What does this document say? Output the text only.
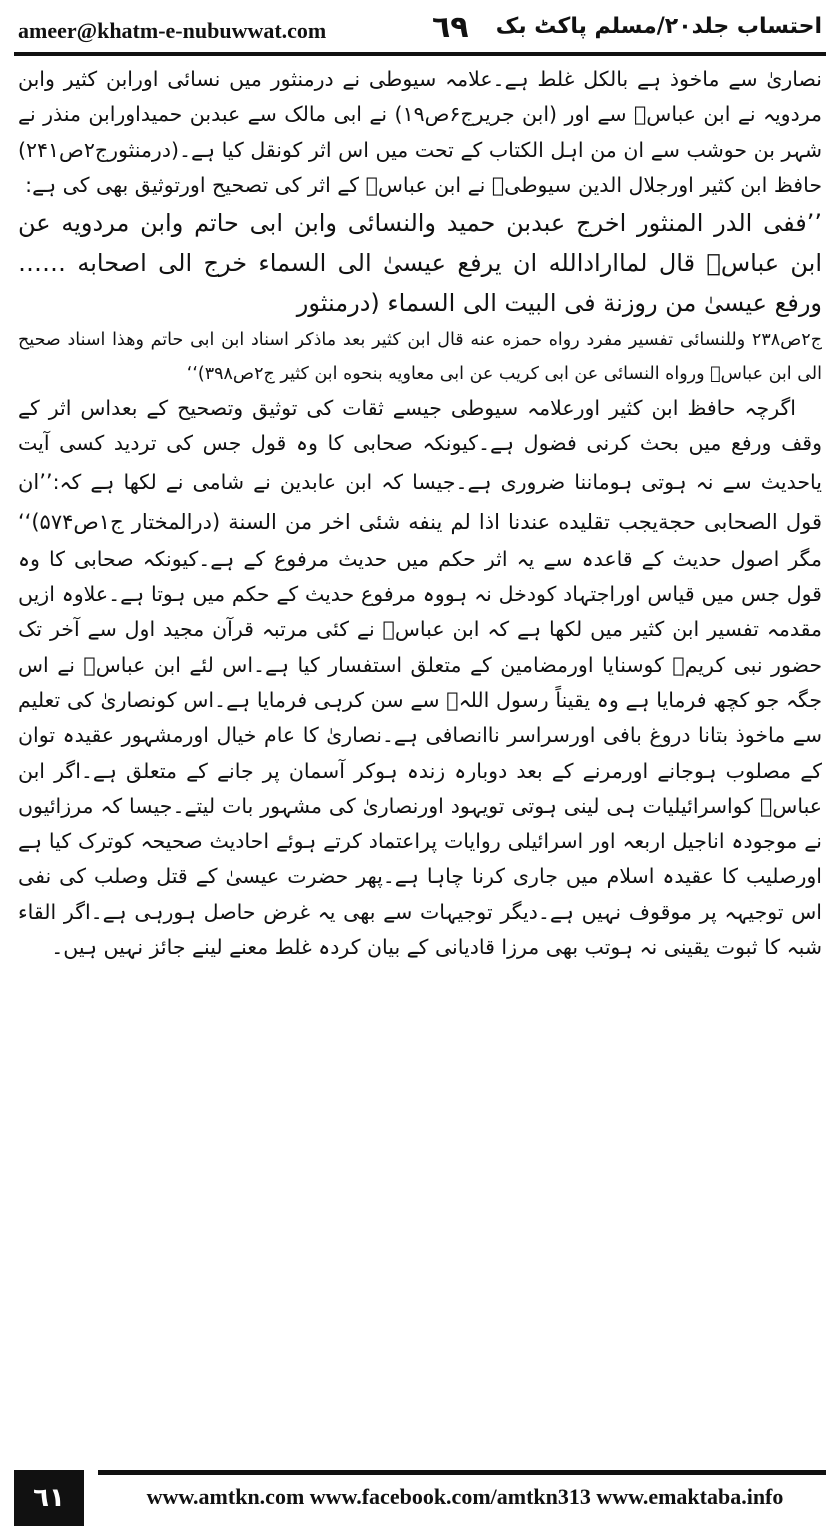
ameer@khatm-e-nubuwwat.com	٦٩ احتساب جلد۲۰/مسلم پاکٹ بک

نصاریٰ سے ماخوذ ہے بالکل غلط ہے۔علامہ سیوطی نے درمنثور میں نسائی اورابن کثیر وابن مردویہ نے ابن عباسؓ سے اور (ابن جریرج۶ص۱۹) نے ابی مالک سے عبدبن حمیداورابن منذر نے شہر بن حوشب سے ان من اہل الکتاب کے تحت میں اس اثر کونقل کیا ہے۔(درمنثورج۲ص۲۴۱) حافظ ابن کثیر اورجلال الدین سیوطیؒ نے ابن عباسؓ کے اثر کی تصحیح اورتوثیق بھی کی ہے:

’’ففی الدر المنثور اخرج عبدبن حمید والنسائی وابن ابی حاتم وابن مردویه عن ابن عباسؓ قال لماارادالله ان یرفع عیسیٰ الی السماء خرج الی اصحابه …… ورفع عیسیٰ من روزنة فی البیت الی السماء (درمنثور

ج۲ص۲۳۸ وللنسائی تفسیر مفرد رواه حمزه عنه قال ابن کثیر بعد ماذکر اسناد ابن ابی حاتم وهذا اسناد صحیح الی ابن عباسؓ ورواه النسائی عن ابی کریب عن ابی معاویه بنحوه ابن کثیر ج۲ص۳۹۸)‘‘

اگرچہ حافظ ابن کثیر اورعلامہ سیوطی جیسے ثقات کی توثیق وتصحیح کے بعداس اثر کے وقف ورفع میں بحث کرنی فضول ہے۔کیونکہ صحابی کا وہ قول جس کی تردید کسی آیت یاحدیث سے نہ ہوتی ہوماننا ضروری ہے۔جیسا کہ ابن عابدین نے شامی نے لکھا ہے کہ:’’ان قول الصحابی حجةیجب تقلیده عندنا اذا لم ینفه شئی اخر من السنة (درالمختار ج۱ص۵۷۴)‘‘ مگر اصول حدیث کے قاعدہ سے یہ اثر حکم میں حدیث مرفوع کے ہے۔کیونکہ صحابی کا وہ قول جس میں قیاس اوراجتہاد کودخل نہ ہووہ مرفوع حدیث کے حکم میں ہوتا ہے۔علاوہ ازیں مقدمہ تفسیر ابن کثیر میں لکھا ہے کہ ابن عباسؓ نے کئی مرتبہ قرآن مجید اول سے آخر تک حضور نبی کریمﷺ کوسنایا اورمضامین کے متعلق استفسار کیا ہے۔اس لئے ابن عباسؓ نے اس جگہ جو کچھ فرمایا ہے وہ یقیناً رسول اللہﷺ سے سن کرہی فرمایا ہے۔اس کونصاریٰ کی تعلیم سے ماخوذ بتانا دروغ بافی اورسراسر ناانصافی ہے۔نصاریٰ کا عام خیال اورمشہور عقیدہ توان کے مصلوب ہوجانے اورمرنے کے بعد دوبارہ زندہ ہوکر آسمان پر جانے کے متعلق ہے۔اگر ابن عباسؓ کواسرائیلیات ہی لینی ہوتی تویہود اورنصاریٰ کی مشہور بات لیتے۔جیسا کہ مرزائیوں نے موجودہ اناجیل اربعہ اور اسرائیلی روایات پراعتماد کرتے ہوئے احادیث صحیحہ کوترک کیا ہے اورصلیب کا عقیدہ اسلام میں جاری کرنا چاہا ہے۔پھر حضرت عیسیٰ کے قتل وصلب کی نفی اس توجیہہ پر موقوف نہیں ہے۔دیگر توجیہات سے بھی یہ غرض حاصل ہورہی ہے۔اگر القاء شبہ کا ثبوت یقینی نہ ہوتب بھی مرزا قادیانی کے بیان کردہ غلط معنے لینے جائز نہیں ہیں۔

٦١	www.amtkn.com www.facebook.com/amtkn313 www.emaktaba.info
